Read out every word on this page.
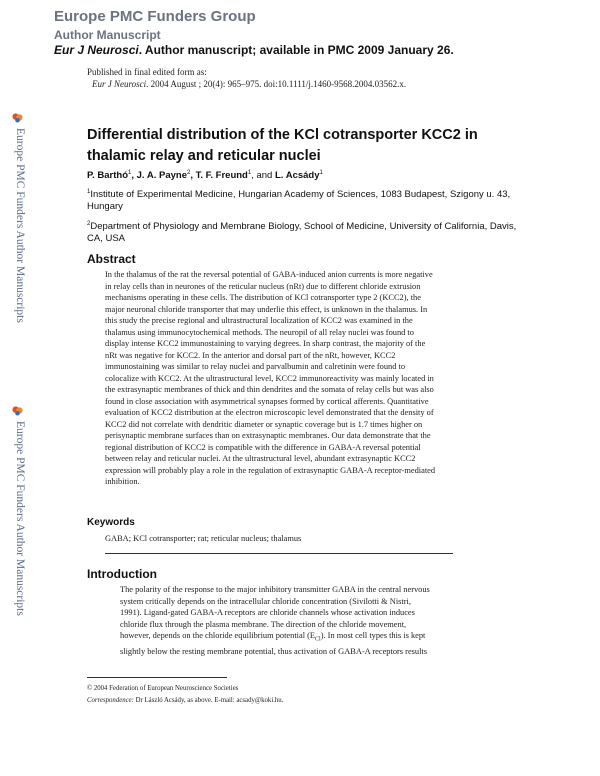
Europe PMC Funders Group
Author Manuscript
Eur J Neurosci. Author manuscript; available in PMC 2009 January 26.
Europe PMC Funders Author Manuscripts
Europe PMC Funders Author Manuscripts
Published in final edited form as:
Eur J Neurosci. 2004 August ; 20(4): 965–975. doi:10.1111/j.1460-9568.2004.03562.x.
Differential distribution of the KCl cotransporter KCC2 in thalamic relay and reticular nuclei
P. Barthó$^1$, J. A. Payne$^2$, T. F. Freund$^1$, and L. Acsády$^1$
$^1$Institute of Experimental Medicine, Hungarian Academy of Sciences, 1083 Budapest, Szigony u. 43, Hungary
$^2$Department of Physiology and Membrane Biology, School of Medicine, University of California, Davis, CA, USA
Abstract
In the thalamus of the rat the reversal potential of GABA-induced anion currents is more negative
in relay cells than in neurones of the reticular nucleus (nRt) due to different chloride extrusion
mechanisms operating in these cells. The distribution of KCl cotransporter type 2 (KCC2), the
major neuronal chloride transporter that may underlie this effect, is unknown in the thalamus. In
this study the precise regional and ultrastructural localization of KCC2 was examined in the
thalamus using immunocytochemical methods. The neuropil of all relay nuclei was found to
display intense KCC2 immunostaining to varying degrees. In sharp contrast, the majority of the
nRt was negative for KCC2. In the anterior and dorsal part of the nRt, however, KCC2
immunostaining was similar to relay nuclei and parvalbumin and calretinin were found to
colocalize with KCC2. At the ultrastructural level, KCC2 immunoreactivity was mainly located in
the extrasynaptic membranes of thick and thin dendrites and the somata of relay cells but was also
found in close association with asymmetrical synapses formed by cortical afferents. Quantitative
evaluation of KCC2 distribution at the electron microscopic level demonstrated that the density of
KCC2 did not correlate with dendritic diameter or synaptic coverage but is 1.7 times higher on
perisynaptic membrane surfaces than on extrasynaptic membranes. Our data demonstrate that the
regional distribution of KCC2 is compatible with the difference in GABA-A reversal potential
between relay and reticular nuclei. At the ultrastructural level, abundant extrasynaptic KCC2
expression will probably play a role in the regulation of extrasynaptic GABA-A receptor-mediated
inhibition.
Keywords
GABA; KCl cotransporter; rat; reticular nucleus; thalamus
Introduction
The polarity of the response to the major inhibitory transmitter GABA in the central nervous
system critically depends on the intracellular chloride concentration (Sivilotti & Nistri,
1991). Ligand-gated GABA-A receptors are chloride channels whose activation induces
chloride flux through the plasma membrane. The direction of the chloride movement,
however, depends on the chloride equilibrium potential $(E_{Cl})$. In most cell types this is kept
slightly below the resting membrane potential, thus activation of GABA-A receptors results
© 2004 Federation of European Neuroscience Societies
Correspondence: Dr László Acsády, as above. E-mail: acsady@koki.hu.
